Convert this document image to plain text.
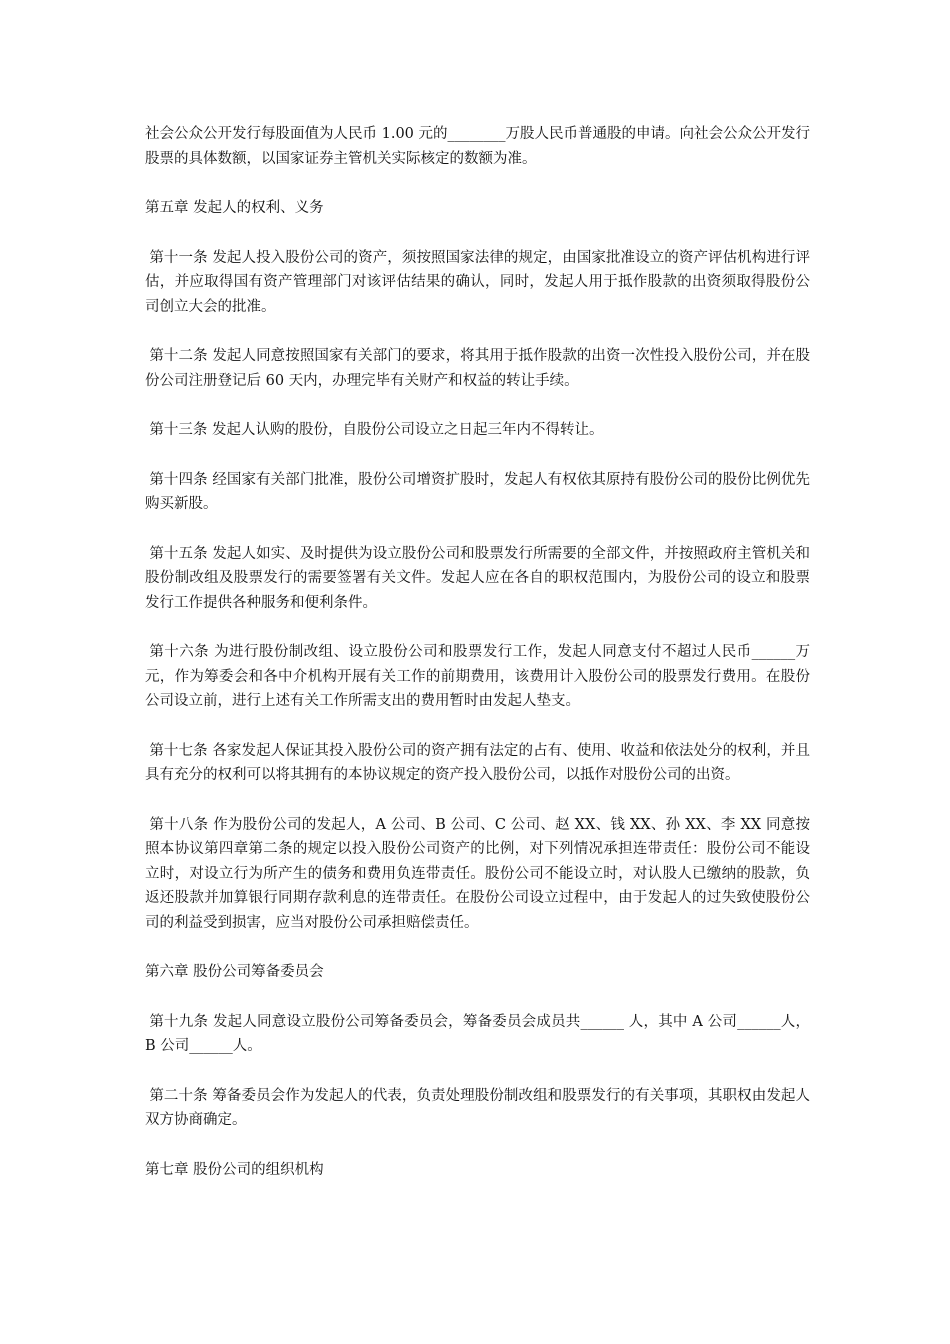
社会公众公开发行每股面值为人民币 1.00 元的________万股人民币普通股的申请。向社会公众公开发行股票的具体数额，以国家证券主管机关实际核定的数额为准。

第五章 发起人的权利、义务

第十一条 发起人投入股份公司的资产，须按照国家法律的规定，由国家批准设立的资产评估机构进行评估，并应取得国有资产管理部门对该评估结果的确认，同时，发起人用于抵作股款的出资须取得股份公司创立大会的批准。

第十二条 发起人同意按照国家有关部门的要求，将其用于抵作股款的出资一次性投入股份公司，并在股份公司注册登记后 60 天内，办理完毕有关财产和权益的转让手续。

第十三条 发起人认购的股份，自股份公司设立之日起三年内不得转让。

第十四条 经国家有关部门批准，股份公司增资扩股时，发起人有权依其原持有股份公司的股份比例优先购买新股。

第十五条 发起人如实、及时提供为设立股份公司和股票发行所需要的全部文件，并按照政府主管机关和股份制改组及股票发行的需要签署有关文件。发起人应在各自的职权范围内，为股份公司的设立和股票发行工作提供各种服务和便利条件。

第十六条 为进行股份制改组、设立股份公司和股票发行工作，发起人同意支付不超过人民币______万元，作为筹委会和各中介机构开展有关工作的前期费用，该费用计入股份公司的股票发行费用。在股份公司设立前，进行上述有关工作所需支出的费用暂时由发起人垫支。

第十七条 各家发起人保证其投入股份公司的资产拥有法定的占有、使用、收益和依法处分的权利，并且具有充分的权利可以将其拥有的本协议规定的资产投入股份公司，以抵作对股份公司的出资。

第十八条 作为股份公司的发起人，A 公司、B 公司、C 公司、赵 XX、钱 XX、孙 XX、李 XX 同意按照本协议第四章第二条的规定以投入股份公司资产的比例，对下列情况承担连带责任：股份公司不能设立时，对设立行为所产生的债务和费用负连带责任。股份公司不能设立时，对认股人已缴纳的股款，负返还股款并加算银行同期存款利息的连带责任。在股份公司设立过程中，由于发起人的过失致使股份公司的利益受到损害，应当对股份公司承担赔偿责任。

第六章 股份公司筹备委员会

第十九条 发起人同意设立股份公司筹备委员会，筹备委员会成员共______ 人，其中 A 公司______人，B 公司______人。

第二十条 筹备委员会作为发起人的代表，负责处理股份制改组和股票发行的有关事项，其职权由发起人双方协商确定。

第七章 股份公司的组织机构
